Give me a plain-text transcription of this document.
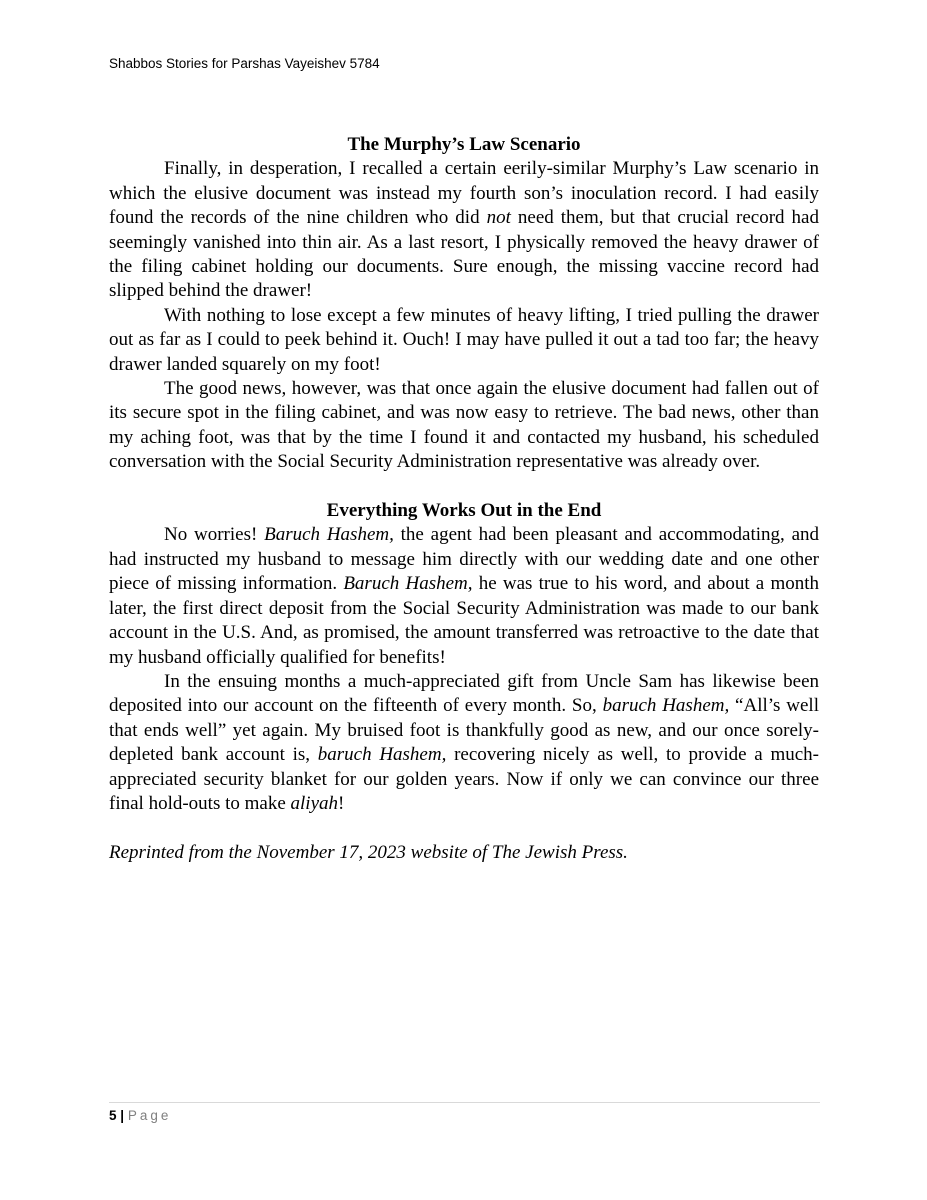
Shabbos Stories for Parshas Vayeishev 5784

The Murphy’s Law Scenario

Finally, in desperation, I recalled a certain eerily-similar Murphy’s Law scenario in which the elusive document was instead my fourth son’s inoculation record. I had easily found the records of the nine children who did not need them, but that crucial record had seemingly vanished into thin air. As a last resort, I physically removed the heavy drawer of the filing cabinet holding our documents. Sure enough, the missing vaccine record had slipped behind the drawer!

With nothing to lose except a few minutes of heavy lifting, I tried pulling the drawer out as far as I could to peek behind it. Ouch! I may have pulled it out a tad too far; the heavy drawer landed squarely on my foot!

The good news, however, was that once again the elusive document had fallen out of its secure spot in the filing cabinet, and was now easy to retrieve. The bad news, other than my aching foot, was that by the time I found it and contacted my husband, his scheduled conversation with the Social Security Administration representative was already over.

Everything Works Out in the End

No worries! Baruch Hashem, the agent had been pleasant and accommodating, and had instructed my husband to message him directly with our wedding date and one other piece of missing information. Baruch Hashem, he was true to his word, and about a month later, the first direct deposit from the Social Security Administration was made to our bank account in the U.S. And, as promised, the amount transferred was retroactive to the date that my husband officially qualified for benefits!

In the ensuing months a much-appreciated gift from Uncle Sam has likewise been deposited into our account on the fifteenth of every month. So, baruch Hashem, “All’s well that ends well” yet again. My bruised foot is thankfully good as new, and our once sorely-depleted bank account is, baruch Hashem, recovering nicely as well, to provide a much-appreciated security blanket for our golden years. Now if only we can convince our three final hold-outs to make aliyah!

Reprinted from the November 17, 2023 website of The Jewish Press.

5 | Page
